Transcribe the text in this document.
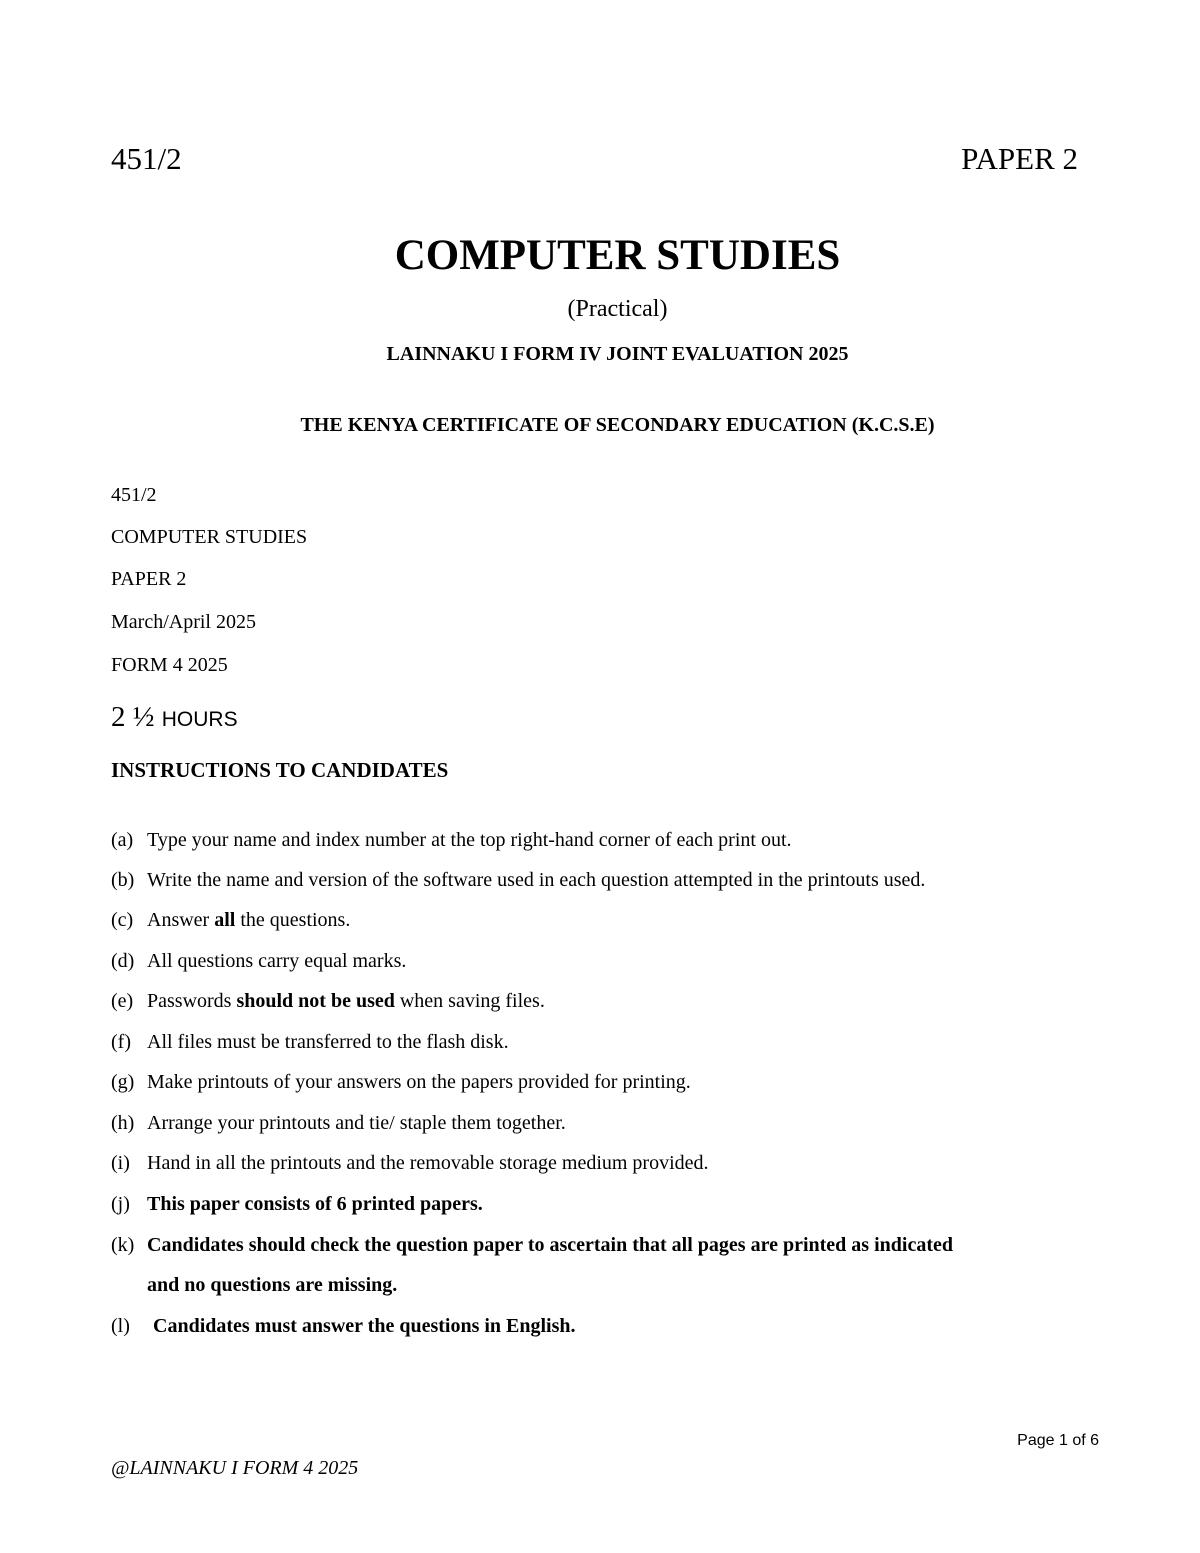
451/2	PAPER 2
COMPUTER STUDIES
(Practical)
LAINNAKU I FORM IV JOINT EVALUATION 2025
THE KENYA CERTIFICATE OF SECONDARY EDUCATION (K.C.S.E)
451/2
COMPUTER STUDIES
PAPER 2
March/April 2025
FORM 4 2025
2 ½ HOURS
INSTRUCTIONS TO CANDIDATES
(a) Type your name and index number at the top right-hand corner of each print out.
(b) Write the name and version of the software used in each question attempted in the printouts used.
(c) Answer all the questions.
(d) All questions carry equal marks.
(e) Passwords should not be used when saving files.
(f) All files must be transferred to the flash disk.
(g) Make printouts of your answers on the papers provided for printing.
(h) Arrange your printouts and tie/ staple them together.
(i) Hand in all the printouts and the removable storage medium provided.
(j) This paper consists of 6 printed papers.
(k) Candidates should check the question paper to ascertain that all pages are printed as indicated
and no questions are missing.
(l) Candidates must answer the questions in English.
Page 1 of 6
@LAINNAKU I FORM 4 2025
